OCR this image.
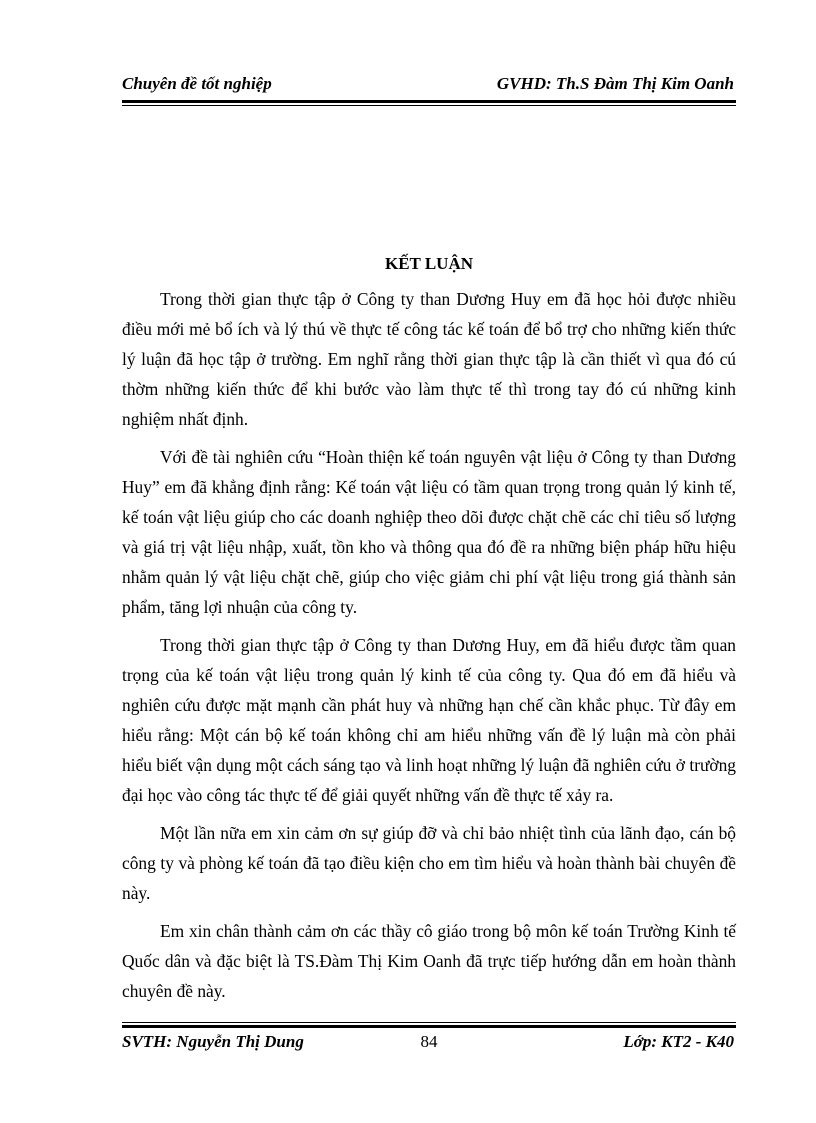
Chuyên đề tốt nghiệp	GVHD: Th.S Đàm Thị Kim Oanh
KẾT LUẬN

Trong thời gian thực tập ở Công ty than Dương Huy em đã học hỏi được nhiều điều mới mẻ bổ ích và lý thú về thực tế công tác kế toán để bổ trợ cho những kiến thức lý luận đã học tập ở trường. Em nghĩ rằng thời gian thực tập là cần thiết vì qua đó cú thờm những kiến thức để khi bước vào làm thực tế thì trong tay đó cú những kinh nghiệm nhất định.

Với đề tài nghiên cứu “Hoàn thiện kế toán nguyên vật liệu ở Công ty than Dương Huy” em đã khẳng định rằng: Kế toán vật liệu có tầm quan trọng trong quản lý kinh tế, kế toán vật liệu giúp cho các doanh nghiệp theo dõi được chặt chẽ các chỉ tiêu số lượng và giá trị vật liệu nhập, xuất, tồn kho và thông qua đó đề ra những biện pháp hữu hiệu nhằm quản lý vật liệu chặt chẽ, giúp cho việc giảm chi phí vật liệu trong giá thành sản phẩm, tăng lợi nhuận của công ty.

Trong thời gian thực tập ở Công ty than Dương Huy, em đã hiểu được tầm quan trọng của kế toán vật liệu trong quản lý kinh tế của công ty. Qua đó em đã hiểu và nghiên cứu được mặt mạnh cần phát huy và những hạn chế cần khắc phục. Từ đây em hiểu rằng: Một cán bộ kế toán không chỉ am hiểu những vấn đề lý luận mà còn phải hiểu biết vận dụng một cách sáng tạo và linh hoạt những lý luận đã nghiên cứu ở trường đại học vào công tác thực tế để giải quyết những vấn đề thực tế xảy ra.

Một lần nữa em xin cảm ơn sự giúp đỡ và chỉ bảo nhiệt tình của lãnh đạo, cán bộ công ty và phòng kế toán đã tạo điều kiện cho em tìm hiểu và hoàn thành bài chuyên đề này.

Em xin chân thành cảm ơn các thầy cô giáo trong bộ môn kế toán Trường Kinh tế Quốc dân và đặc biệt là TS.Đàm Thị Kim Oanh đã trực tiếp hướng dẫn em hoàn thành chuyên đề này.

SVTH: Nguyễn Thị Dung	84	Lớp: KT2 - K40
